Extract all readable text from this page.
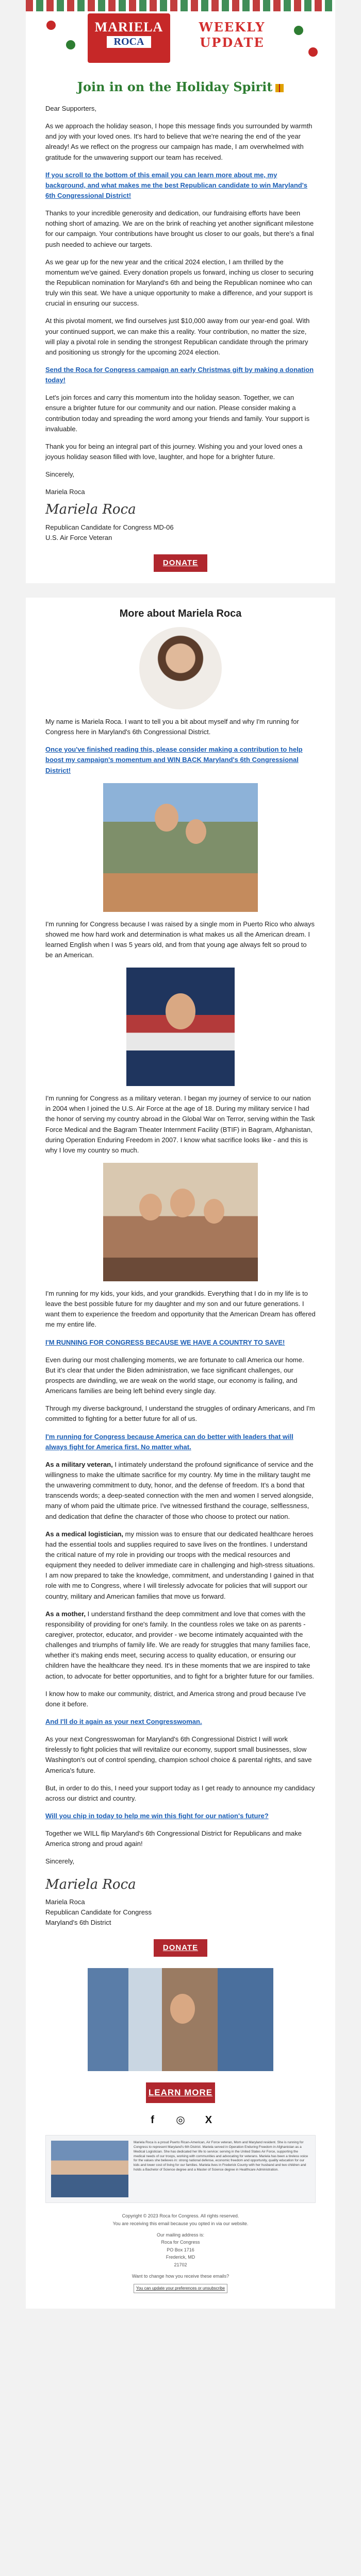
MARIELA
ROCA
WEEKLY
UPDATE
Join in on the Holiday Spirit

Dear Supporters,

As we approach the holiday season, I hope this message finds you surrounded by warmth and joy with your loved ones. It's hard to believe that we're nearing the end of the year already! As we reflect on the progress our campaign has made, I am overwhelmed with gratitude for the unwavering support our team has received.

If you scroll to the bottom of this email you can learn more about me, my background, and what makes me the best Republican candidate to win Maryland's 6th Congressional District!

Thanks to your incredible generosity and dedication, our fundraising efforts have been nothing short of amazing. We are on the brink of reaching yet another significant milestone for our campaign. Your contributions have brought us closer to our goals, but there's a final push needed to achieve our targets.

As we gear up for the new year and the critical 2024 election, I am thrilled by the momentum we've gained. Every donation propels us forward, inching us closer to securing the Republican nomination for Maryland's 6th and being the Republican nominee who can truly win this seat. We have a unique opportunity to make a difference, and your support is crucial in ensuring our success.

At this pivotal moment, we find ourselves just $10,000 away from our year-end goal. With your continued support, we can make this a reality. Your contribution, no matter the size, will play a pivotal role in sending the strongest Republican candidate through the primary and positioning us strongly for the upcoming 2024 election.

Send the Roca for Congress campaign an early Christmas gift by making a donation today!

Let's join forces and carry this momentum into the holiday season. Together, we can ensure a brighter future for our community and our nation. Please consider making a contribution today and spreading the word among your friends and family. Your support is invaluable.

Thank you for being an integral part of this journey. Wishing you and your loved ones a joyous holiday season filled with love, laughter, and hope for a brighter future.

Sincerely,

Mariela Roca

Mariela Roca
Republican Candidate for Congress MD-06
U.S. Air Force Veteran
DONATE
More about Mariela Roca

My name is Mariela Roca. I want to tell you a bit about myself and why I'm running for Congress here in Maryland's 6th Congressional District.

Once you've finished reading this, please consider making a contribution to help boost my campaign's momentum and WIN BACK Maryland's 6th Congressional District!

I'm running for Congress because I was raised by a single mom in Puerto Rico who always showed me how hard work and determination is what makes us all the American dream. I learned English when I was 5 years old, and from that young age always felt so proud to be an American.

I'm running for Congress as a military veteran. I began my journey of service to our nation in 2004 when I joined the U.S. Air Force at the age of 18. During my military service I had the honor of serving my country abroad in the Global War on Terror, serving within the Task Force Medical and the Bagram Theater Internment Facility (BTIF) in Bagram, Afghanistan, during Operation Enduring Freedom in 2007. I know what sacrifice looks like - and this is why I love my country so much.

I'm running for my kids, your kids, and your grandkids. Everything that I do in my life is to leave the best possible future for my daughter and my son and our future generations. I want them to experience the freedom and opportunity that the American Dream has offered me my entire life.

I'M RUNNING FOR CONGRESS BECAUSE WE HAVE A COUNTRY TO SAVE!

Even during our most challenging moments, we are fortunate to call America our home. But it's clear that under the Biden administration, we face significant challenges, our prospects are dwindling, we are weak on the world stage, our economy is failing, and Americans families are being left behind every single day.

Through my diverse background, I understand the struggles of ordinary Americans, and I'm committed to fighting for a better future for all of us.

I'm running for Congress because America can do better with leaders that will always fight for America first. No matter what.

As a military veteran, I intimately understand the profound significance of service and the willingness to make the ultimate sacrifice for my country. My time in the military taught me the unwavering commitment to duty, honor, and the defense of freedom. It's a bond that transcends words; a deep-seated connection with the men and women I served alongside, many of whom paid the ultimate price. I've witnessed firsthand the courage, selflessness, and dedication that define the character of those who choose to protect our nation.

As a medical logistician, my mission was to ensure that our dedicated healthcare heroes had the essential tools and supplies required to save lives on the frontlines. I understand the critical nature of my role in providing our troops with the medical resources and equipment they needed to deliver immediate care in challenging and high-stress situations. I am now prepared to take the knowledge, commitment, and understanding I gained in that role with me to Congress, where I will tirelessly advocate for policies that will support our country, military and American families that move us forward.

As a mother, I understand firsthand the deep commitment and love that comes with the responsibility of providing for one's family. In the countless roles we take on as parents - caregiver, protector, educator, and provider - we become intimately acquainted with the challenges and triumphs of family life. We are ready for struggles that many families face, whether it's making ends meet, securing access to quality education, or ensuring our children have the healthcare they need. It's in these moments that we are inspired to take action, to advocate for better opportunities, and to fight for a brighter future for our families.

I know how to make our community, district, and America strong and proud because I've done it before.

And I'll do it again as your next Congresswoman.

As your next Congresswoman for Maryland's 6th Congressional District I will work tirelessly to fight policies that will revitalize our economy, support small businesses, slow Washington's out of control spending, champion school choice & parental rights, and save America's future.

But, in order to do this, I need your support today as I get ready to announce my candidacy across our district and country.

Will you chip in today to help me win this fight for our nation's future?

Together we WILL flip Maryland's 6th Congressional District for Republicans and make America strong and proud again!

Sincerely,

Mariela Roca
Mariela Roca
Republican Candidate for Congress
Maryland's 6th District
DONATE
LEARN MORE
f ◎ X
Mariela Roca is a proud Puerto Rican-American, Air Force veteran, Mom and Maryland resident. She is running for Congress to represent Maryland's 6th District. Mariela served in Operation Enduring Freedom in Afghanistan as a Medical Logistician. She has dedicated her life to service: serving in the United States Air Force, supporting the medical needs of our troops, working with communities and advocating for veterans. Mariela has been a tireless voice for the values she believes in: strong national defense, economic freedom and opportunity, quality education for our kids and lower cost of living for our families. Mariela lives in Frederick County with her husband and two children and holds a Bachelor of Science degree and a Master of Science degree in Healthcare Administration.
Copyright © 2023 Roca for Congress. All rights reserved.
You are receiving this email because you opted in via our website.
Our mailing address is:
Roca for Congress
PO Box 1716
Frederick, MD
21702
Want to change how you receive these emails?
You can update your preferences or unsubscribe
